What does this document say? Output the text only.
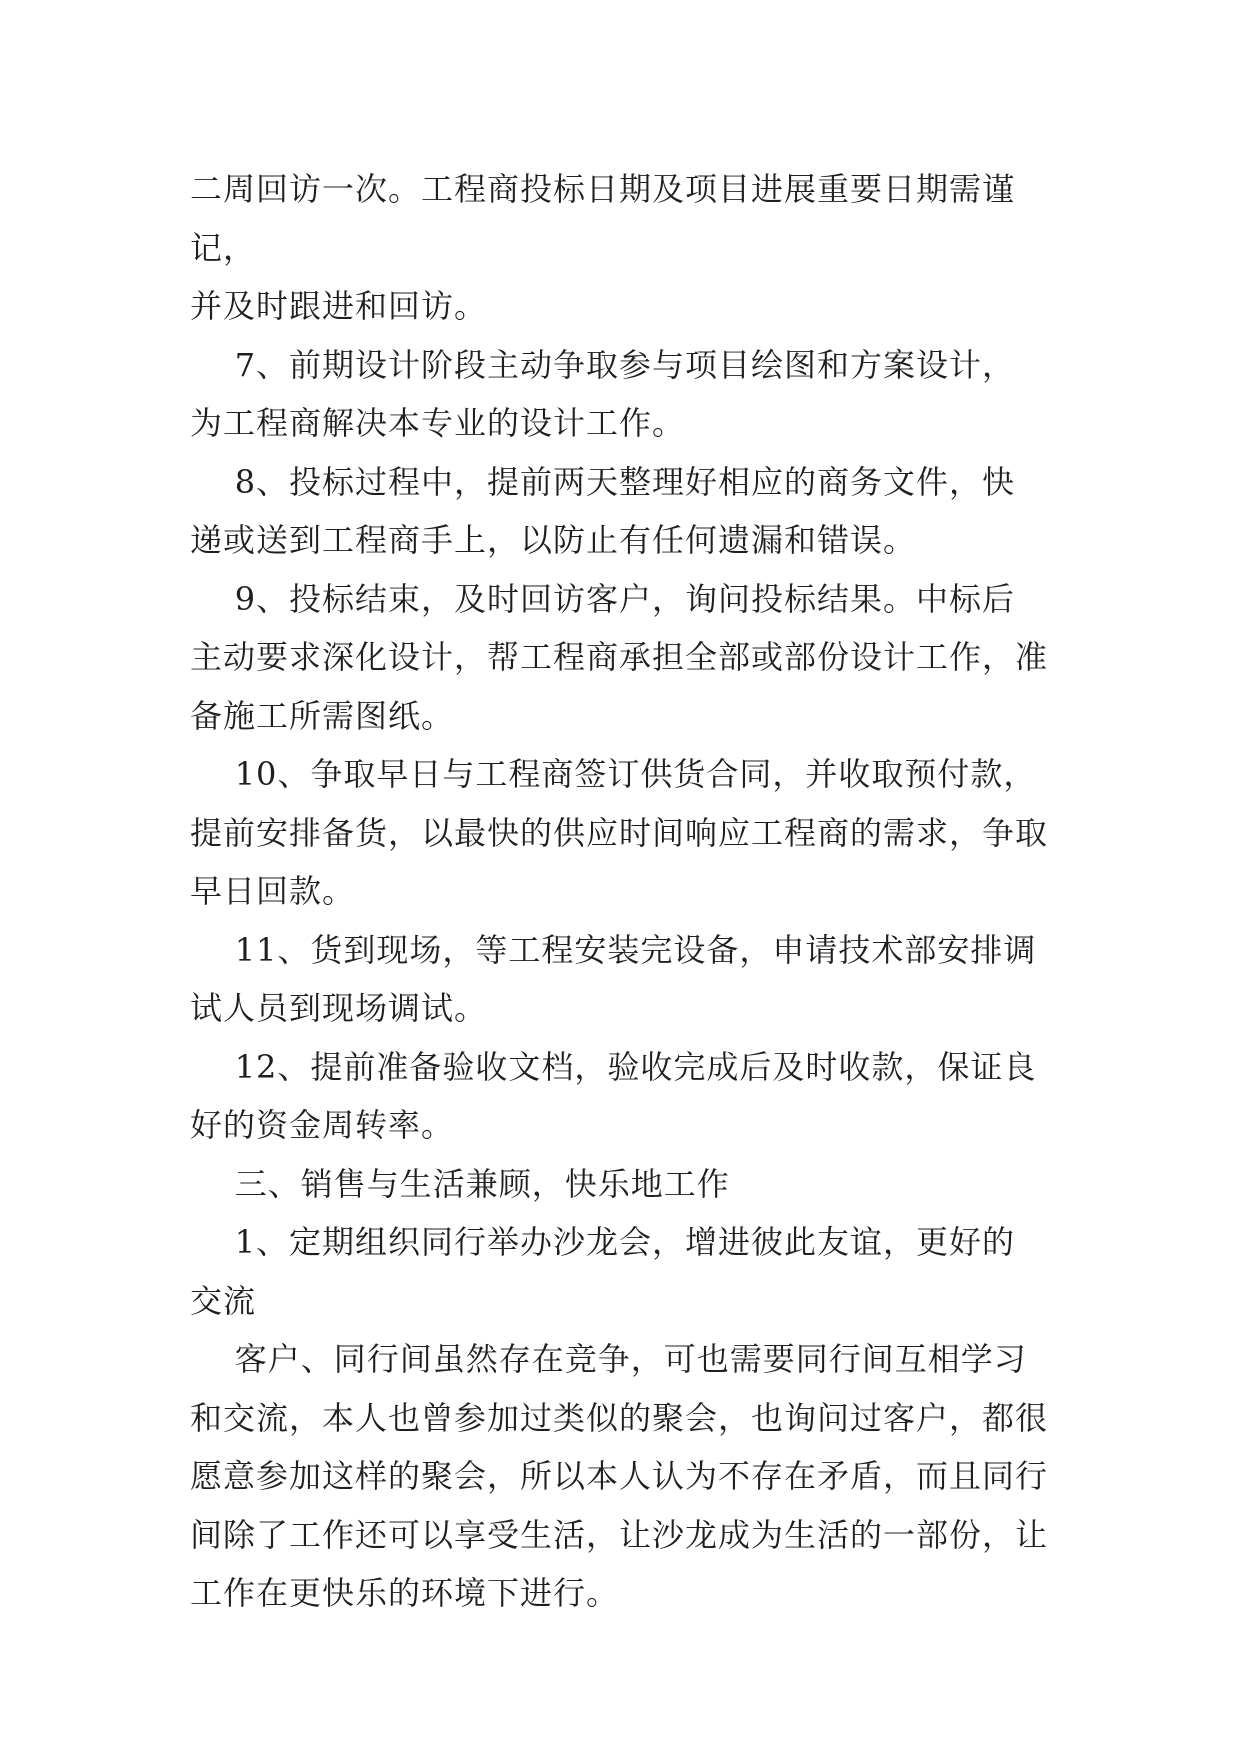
二周回访一次。工程商投标日期及项目进展重要日期需谨记，
并及时跟进和回访。

7、前期设计阶段主动争取参与项目绘图和方案设计，
为工程商解决本专业的设计工作。

8、投标过程中，提前两天整理好相应的商务文件，快
递或送到工程商手上，以防止有任何遗漏和错误。

9、投标结束，及时回访客户，询问投标结果。中标后
主动要求深化设计，帮工程商承担全部或部份设计工作，准
备施工所需图纸。

10、争取早日与工程商签订供货合同，并收取预付款，
提前安排备货，以最快的供应时间响应工程商的需求，争取
早日回款。

11、货到现场，等工程安装完设备，申请技术部安排调
试人员到现场调试。

12、提前准备验收文档，验收完成后及时收款，保证良
好的资金周转率。

三、销售与生活兼顾，快乐地工作

1、定期组织同行举办沙龙会，增进彼此友谊，更好的
交流

客户、同行间虽然存在竞争，可也需要同行间互相学习
和交流，本人也曾参加过类似的聚会，也询问过客户，都很
愿意参加这样的聚会，所以本人认为不存在矛盾，而且同行
间除了工作还可以享受生活，让沙龙成为生活的一部份，让
工作在更快乐的环境下进行。
